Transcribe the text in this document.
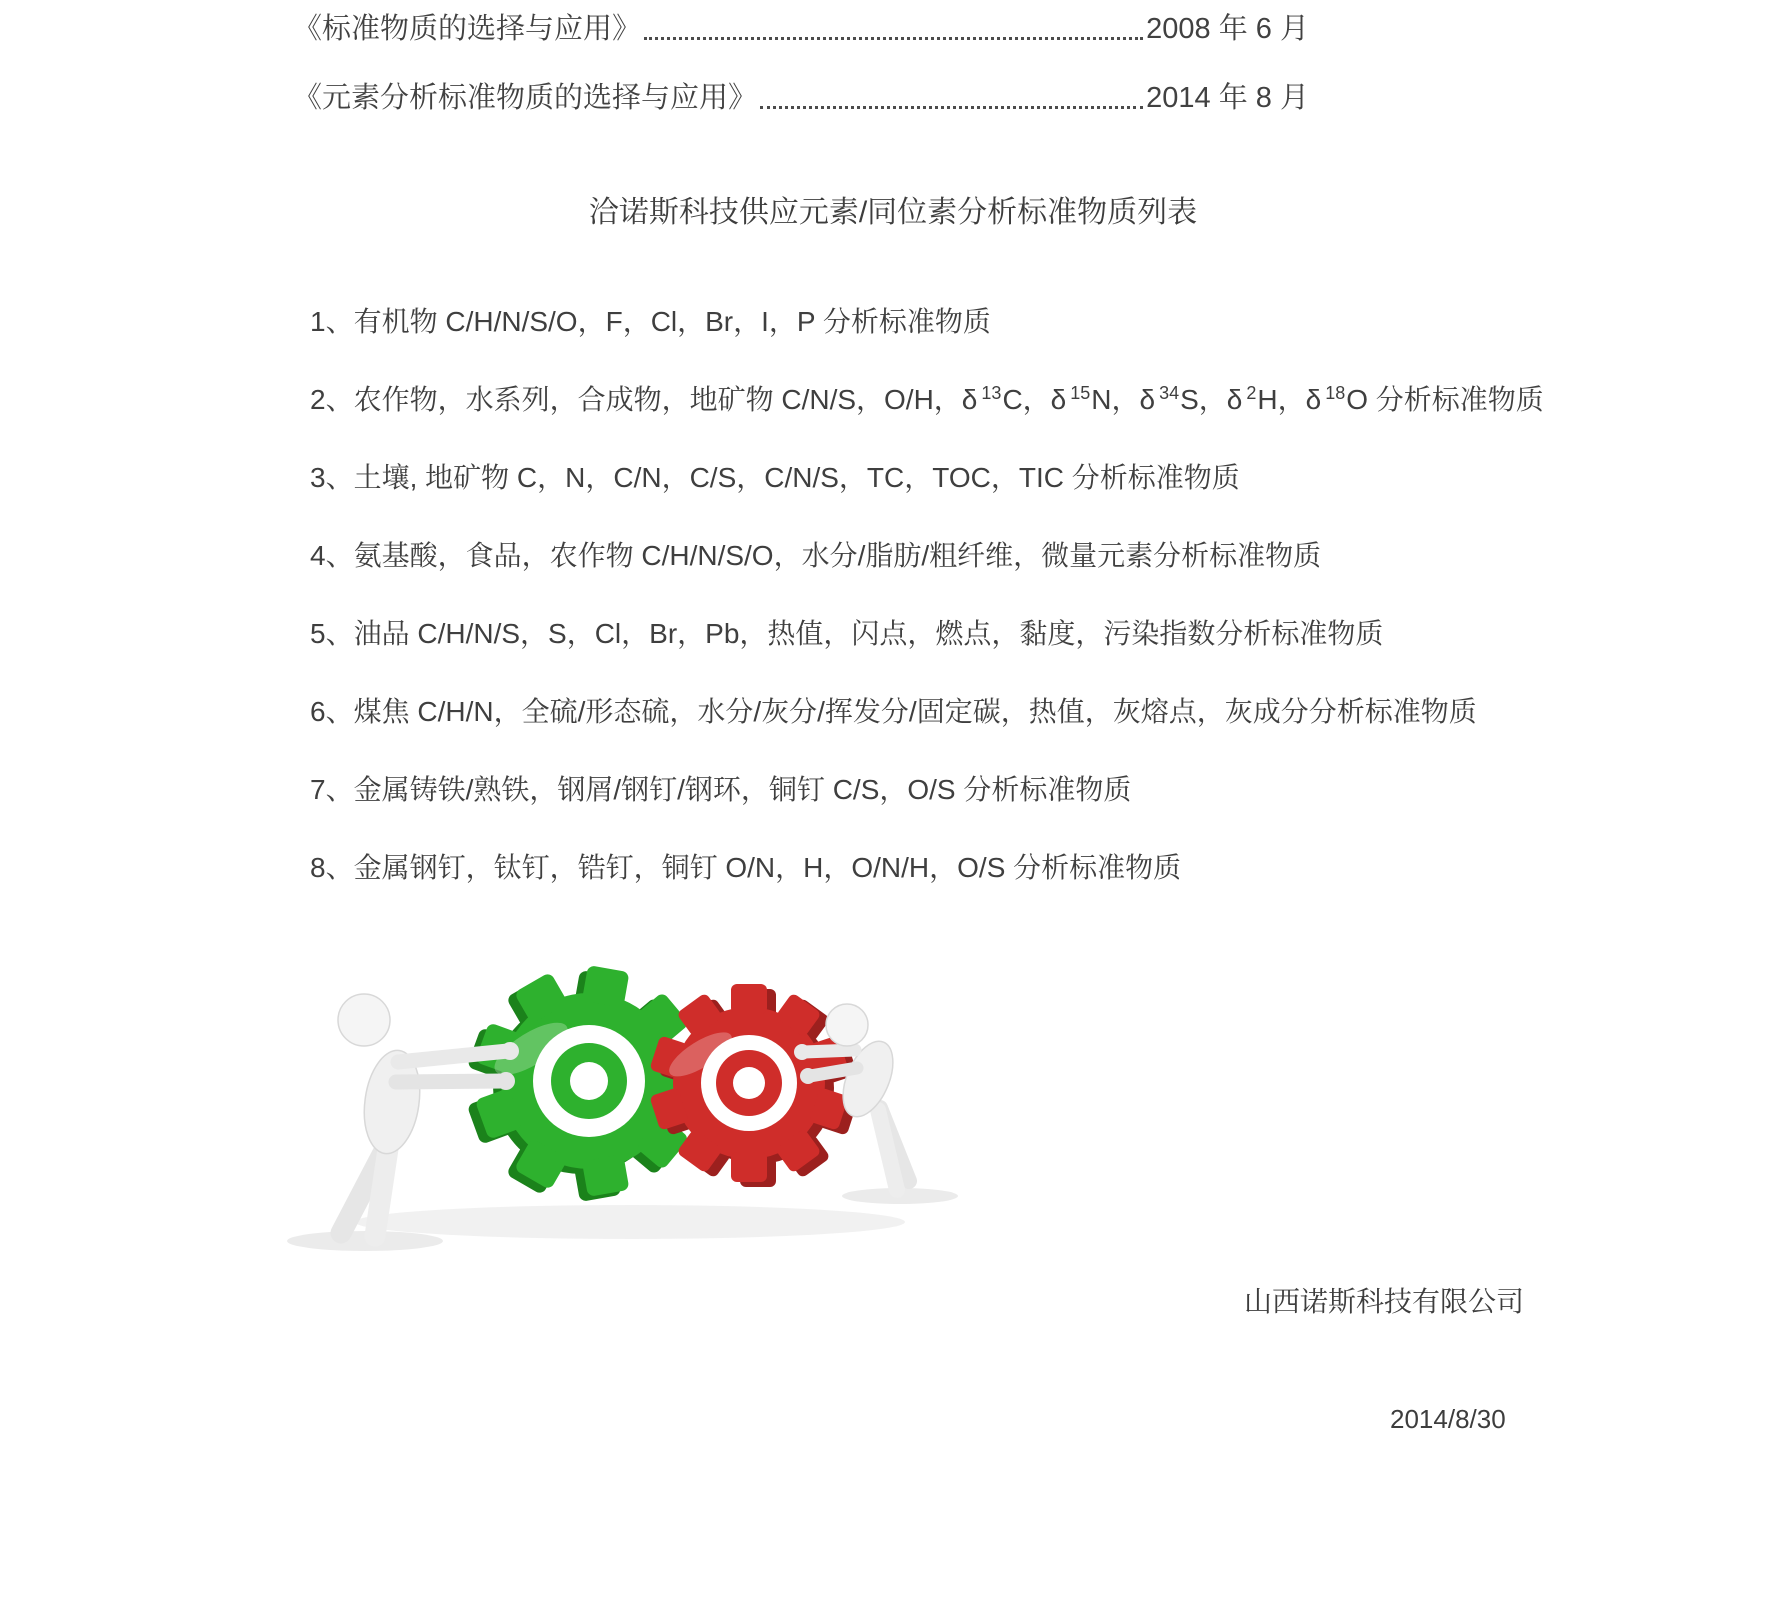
《标准物质的选择与应用》	2008 年 6 月
《元素分析标准物质的选择与应用》	2014 年 8 月
洽诺斯科技供应元素/同位素分析标准物质列表
1、有机物 C/H/N/S/O，F，Cl，Br，I，P 分析标准物质
2、农作物，水系列，合成物，地矿物 C/N/S，O/H，δ $^{13}$C，δ $^{15}$N，δ $^{34}$S，δ $^2$H，δ $^{18}$O 分析标准物质
3、土壤, 地矿物 C，N，C/N，C/S，C/N/S，TC，TOC，TIC 分析标准物质
4、氨基酸，食品，农作物 C/H/N/S/O，水分/脂肪/粗纤维，微量元素分析标准物质
5、油品 C/H/N/S，S，Cl，Br，Pb，热值，闪点，燃点，黏度，污染指数分析标准物质
6、煤焦 C/H/N，全硫/形态硫，水分/灰分/挥发分/固定碳，热值，灰熔点，灰成分分析标准物质
7、金属铸铁/熟铁，钢屑/钢钉/钢环，铜钉 C/S，O/S 分析标准物质
8、金属钢钉，钛钉，锆钉，铜钉 O/N，H，O/N/H，O/S 分析标准物质
山西诺斯科技有限公司
2014/8/30
